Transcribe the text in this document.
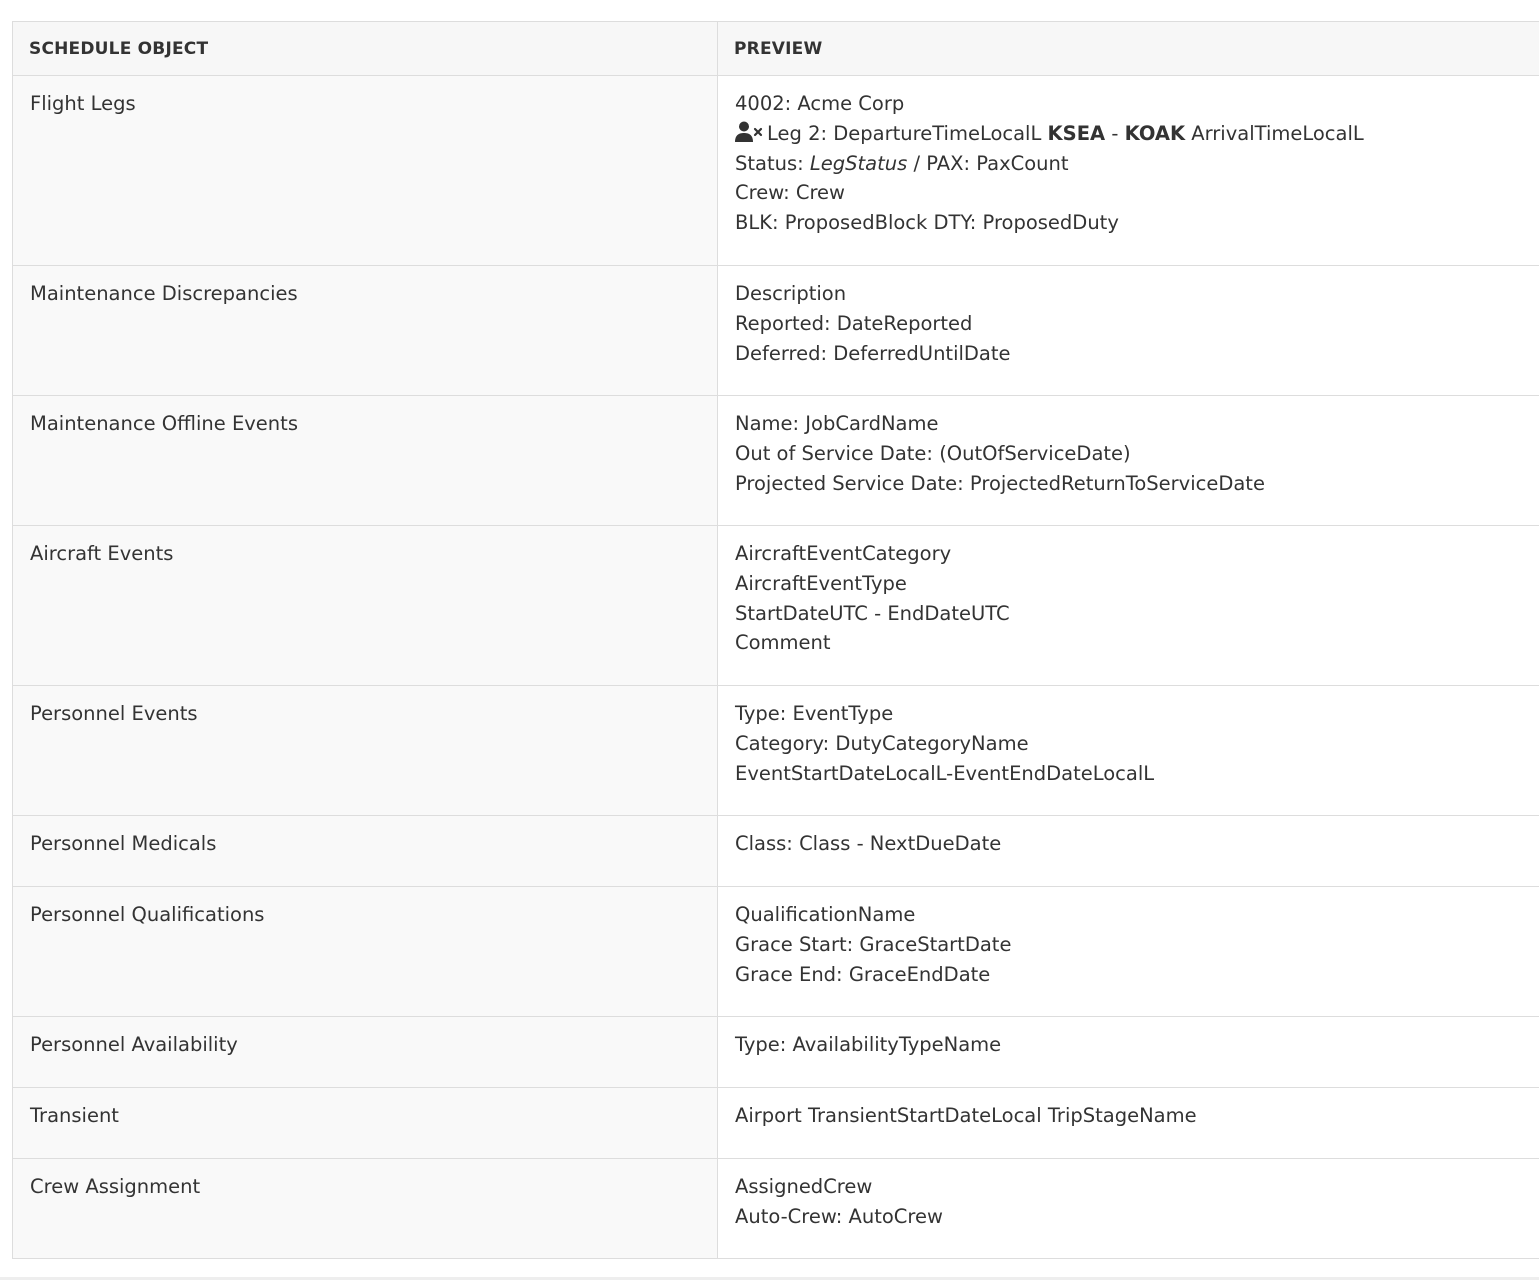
SCHEDULE OBJECT	PREVIEW
Flight Legs	4002: Acme Corp
Leg 2: DepartureTimeLocalL KSEA - KOAK ArrivalTimeLocalL
Status: LegStatus / PAX: PaxCount
Crew: Crew
BLK: ProposedBlock DTY: ProposedDuty

Maintenance Discrepancies	Description
Reported: DateReported
Deferred: DeferredUntilDate

Maintenance Offline Events	Name: JobCardName
Out of Service Date: (OutOfServiceDate)
Projected Service Date: ProjectedReturnToServiceDate

Aircraft Events	AircraftEventCategory
AircraftEventType
StartDateUTC - EndDateUTC
Comment

Personnel Events	Type: EventType
Category: DutyCategoryName
EventStartDateLocalL-EventEndDateLocalL

Personnel Medicals	Class: Class - NextDueDate

Personnel Qualifications	QualificationName
Grace Start: GraceStartDate
Grace End: GraceEndDate

Personnel Availability	Type: AvailabilityTypeName

Transient	Airport TransientStartDateLocal TripStageName

Crew Assignment	AssignedCrew
Auto-Crew: AutoCrew
